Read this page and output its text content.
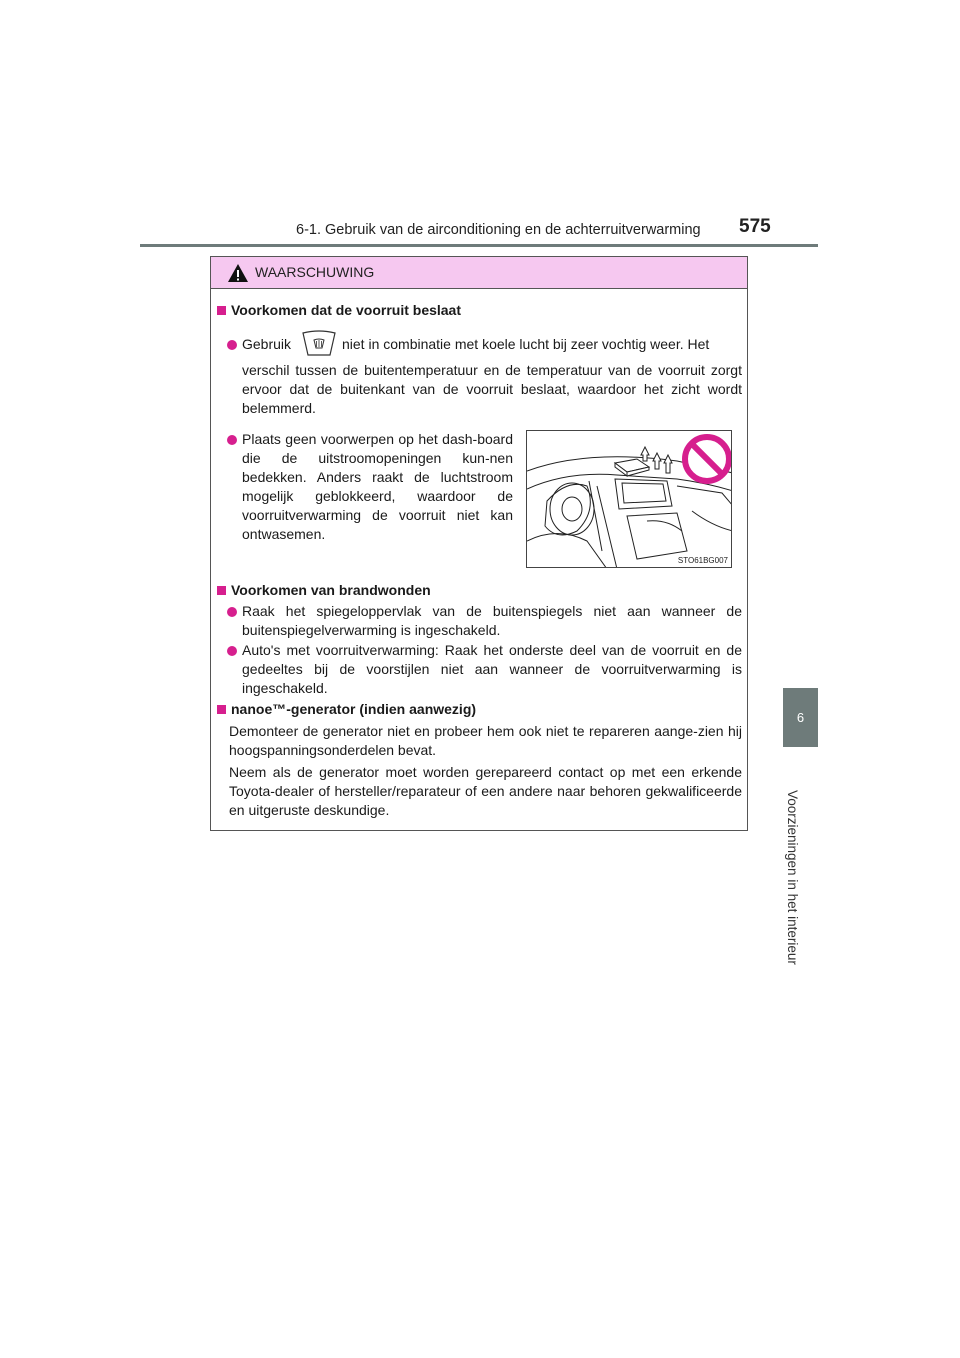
6-1. Gebruik van de airconditioning en de achterruitverwarming 575
6
Voorzieningen in het interieur
WAARSCHUWING
Voorkomen dat de voorruit beslaat
Gebruik	niet in combinatie met koele lucht bij zeer vochtig weer. Het
verschil tussen de buitentemperatuur en de temperatuur van de voorruit zorgt ervoor dat de buitenkant van de voorruit beslaat, waardoor het zicht wordt belemmerd.
Plaats geen voorwerpen op het dash-board die de uitstroomopeningen kun-nen bedekken. Anders raakt de luchtstroom mogelijk geblokkeerd, waardoor de voorruitverwarming de voorruit niet kan ontwasemen.
STO61BG007
Voorkomen van brandwonden
Raak het spiegeloppervlak van de buitenspiegels niet aan wanneer de buitenspiegelverwarming is ingeschakeld.
Auto's met voorruitverwarming: Raak het onderste deel van de voorruit en de gedeeltes bij de voorstijlen niet aan wanneer de voorruitverwarming is ingeschakeld.
nanoe™-generator (indien aanwezig)
Demonteer de generator niet en probeer hem ook niet te repareren aange-zien hij hoogspanningsonderdelen bevat.
Neem als de generator moet worden gerepareerd contact op met een erkende Toyota-dealer of hersteller/reparateur of een andere naar behoren gekwalificeerde en uitgeruste deskundige.
